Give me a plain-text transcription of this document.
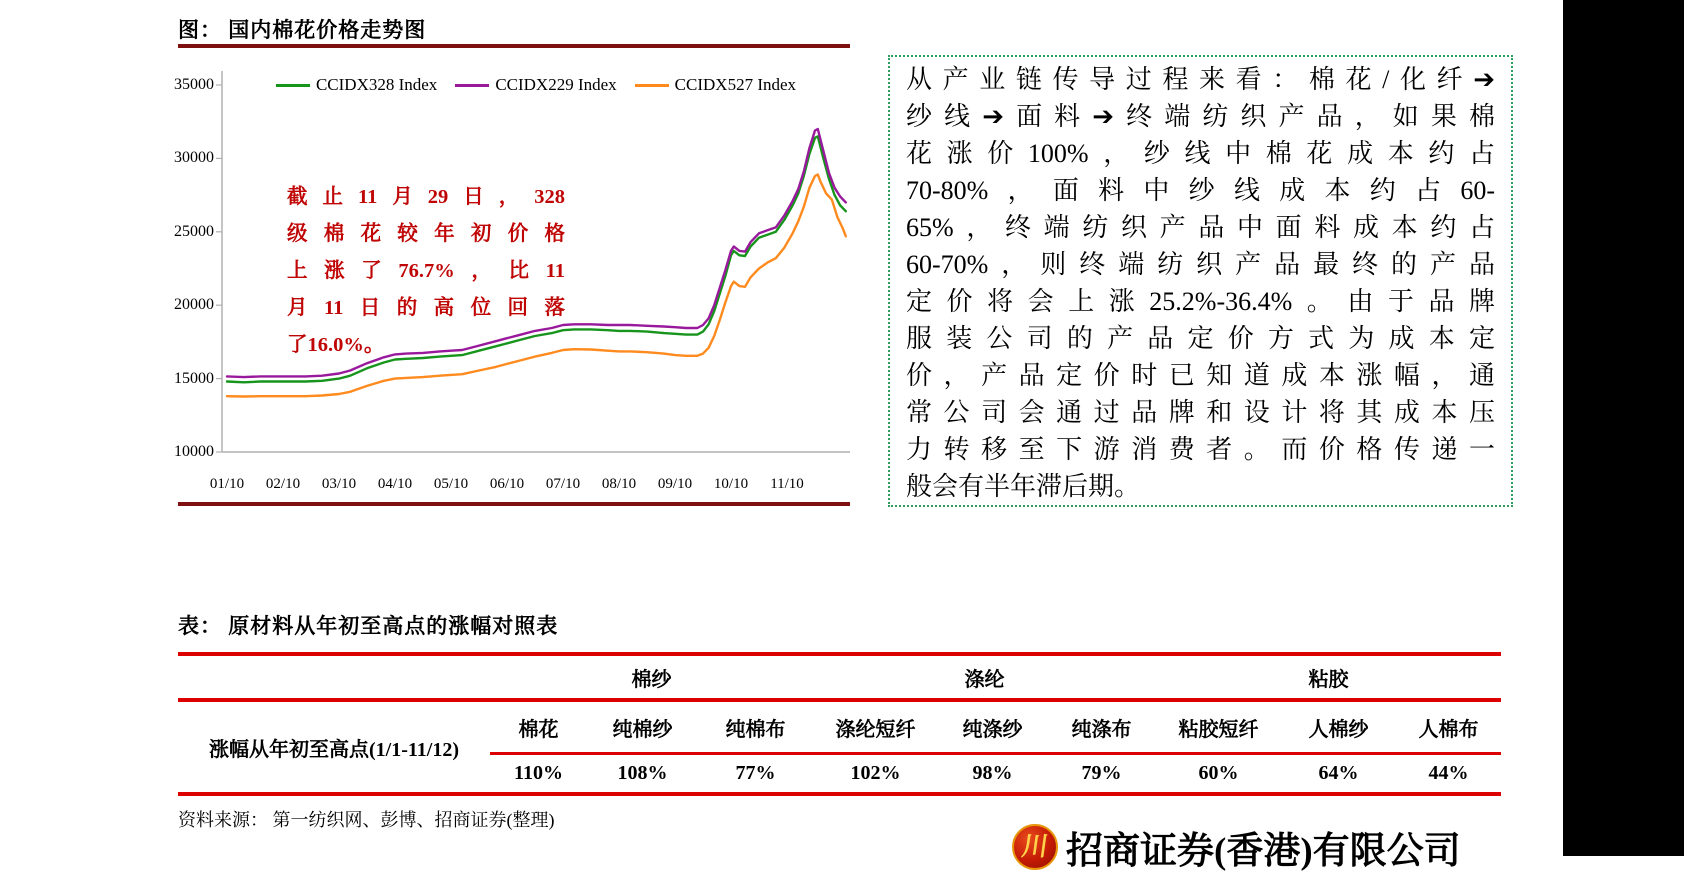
图： 国内棉花价格走势图
10000
15000
20000
25000
30000
35000
01/10 02/10 03/10 04/10 05/10 06/10 07/10 08/10 09/10 10/10 11/10
CCIDX328 Index	CCIDX229 Index	CCIDX527 Index
截止11月29日，328
级棉花较年初价格
上涨了76.7%，比11
月11日的高位回落
了16.0%。
从产业链传导过程来看：棉花/化纤➔
纱线➔面料➔终端纺织产品，如果棉
花涨价100%，纱线中棉花成本约占
70-80%，面料中纱线成本约占60-
65%，终端纺织产品中面料成本约占
60-70%，则终端纺织产品最终的产品
定价将会上涨25.2%-36.4%。由于品牌
服装公司的产品定价方式为成本定
价，产品定价时已知道成本涨幅，通
常公司会通过品牌和设计将其成本压
力转移至下游消费者。而价格传递一
般会有半年滞后期。
表： 原材料从年初至高点的涨幅对照表
	棉纱			涤纶			粘胶		
涨幅从年初至高点(1/1-11/12)	棉花	纯棉纱	纯棉布	涤纶短纤	纯涤纱	纯涤布	粘胶短纤	人棉纱	人棉布
	110%	108%	77%	102%	98%	79%	60%	64%	44%
资料来源： 第一纺织网、彭博、招商证券(整理)
川 招商证券(香港)有限公司
